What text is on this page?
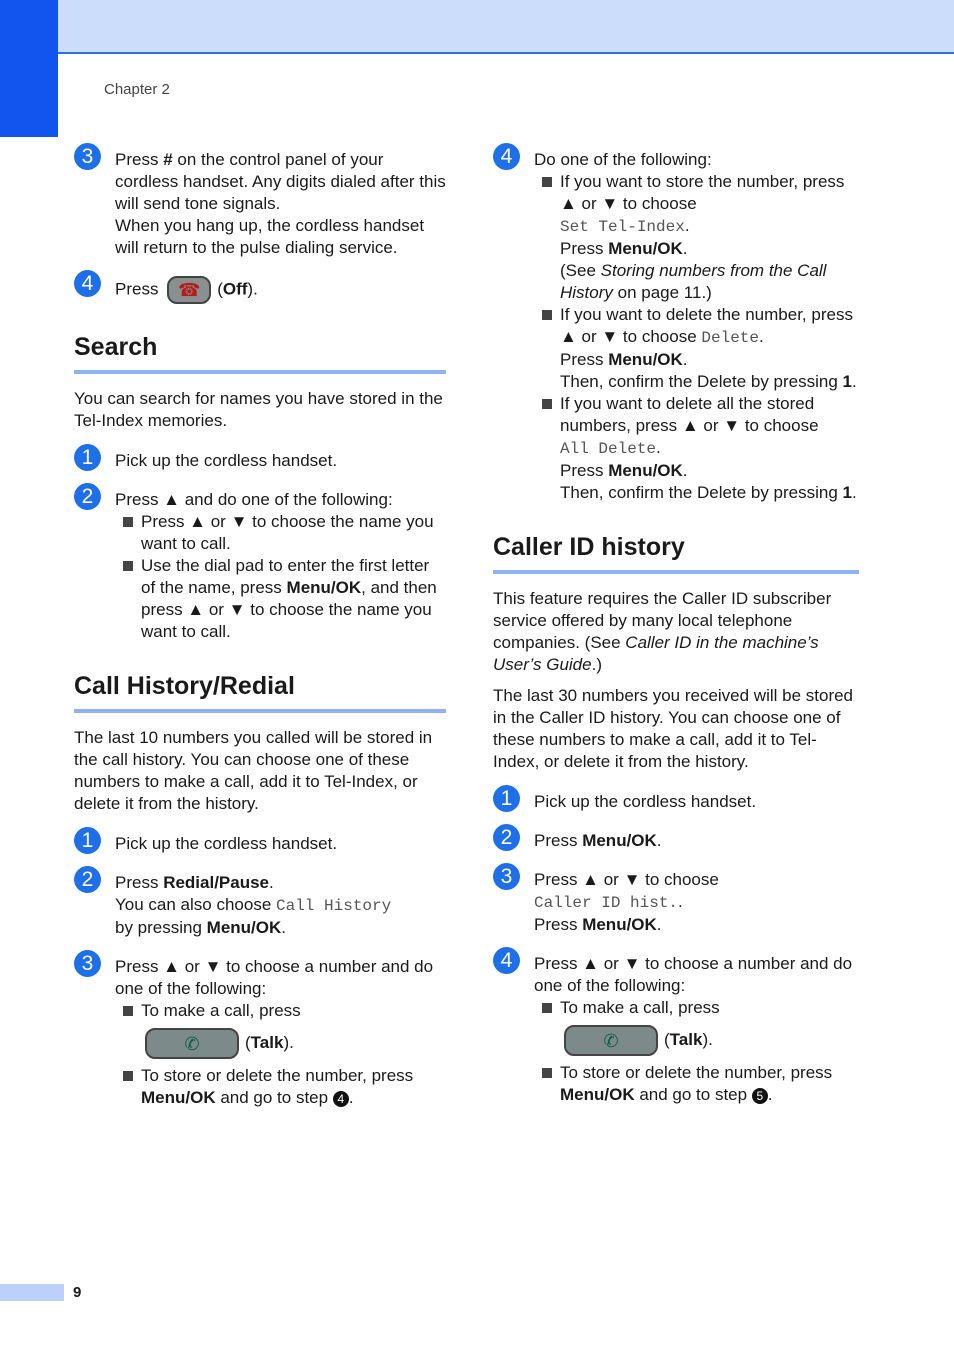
Chapter 2
3	Press # on the control panel of your cordless handset. Any digits dialed after this will send tone signals.
When you hang up, the cordless handset will return to the pulse dialing service.
4	Press ☎ (Off).
Search
You can search for names you have stored in the Tel-Index memories.
1	Pick up the cordless handset.
2	Press ▲ and do one of the following:
Press ▲ or ▼ to choose the name you want to call.
Use the dial pad to enter the first letter of the name, press Menu/OK, and then press ▲ or ▼ to choose the name you want to call.
Call History/Redial
The last 10 numbers you called will be stored in the call history. You can choose one of these numbers to make a call, add it to Tel-Index, or delete it from the history.
1	Pick up the cordless handset.
2	Press Redial/Pause.
You can also choose Call History
by pressing Menu/OK.
3	Press ▲ or ▼ to choose a number and do one of the following:
To make a call, press
✆	(Talk).
To store or delete the number, press Menu/OK and go to step 4 .
4	Do one of the following:
If you want to store the number, press ▲ or ▼ to choose
Set Tel-Index.
Press Menu/OK.
(See Storing numbers from the Call History on page 11.)
If you want to delete the number, press ▲ or ▼ to choose Delete.
Press Menu/OK.
Then, confirm the Delete by pressing 1.
If you want to delete all the stored numbers, press ▲ or ▼ to choose
All Delete.
Press Menu/OK.
Then, confirm the Delete by pressing 1.
Caller ID history
This feature requires the Caller ID subscriber service offered by many local telephone companies. (See Caller ID in the machine’s User’s Guide.)
The last 30 numbers you received will be stored in the Caller ID history. You can choose one of these numbers to make a call, add it to Tel-Index, or delete it from the history.
1	Pick up the cordless handset.
2	Press Menu/OK.
3	Press ▲ or ▼ to choose
Caller ID hist..
Press Menu/OK.
4	Press ▲ or ▼ to choose a number and do one of the following:
To make a call, press
✆	(Talk).
To store or delete the number, press Menu/OK and go to step 5 .
9
